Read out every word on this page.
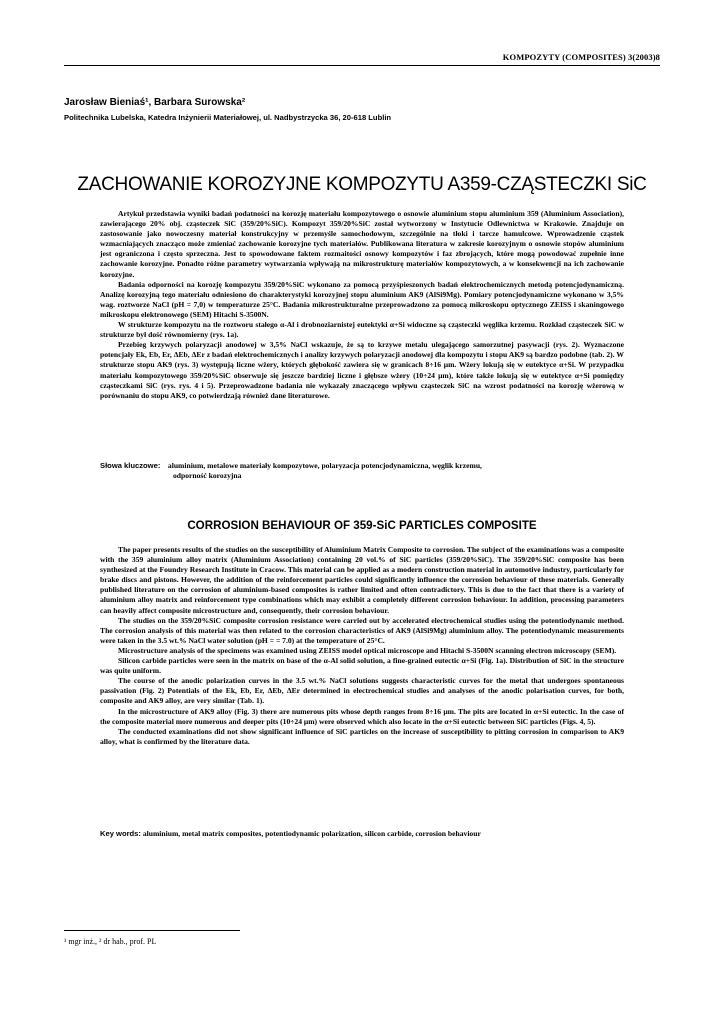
KOMPOZYTY (COMPOSITES) 3(2003)8
Jarosław Bieniaś¹, Barbara Surowska²
Politechnika Lubelska, Katedra Inżynierii Materiałowej, ul. Nadbystrzycka 36, 20-618 Lublin
ZACHOWANIE KOROZYJNE KOMPOZYTU A359-CZĄSTECZKI SiC

Artykuł przedstawia wyniki badań podatności na korozję materiału kompozytowego o osnowie aluminium stopu aluminium 359 (Aluminium Association), zawierającego 20% obj. cząsteczek SiC (359/20%SiC). Kompozyt 359/20%SiC został wytworzony w Instytucie Odlewnictwa w Krakowie. Znajduje on zastosowanie jako nowoczesny materiał konstrukcyjny w przemyśle samochodowym, szczególnie na tłoki i tarcze hamulcowe. Wprowadzenie cząstek wzmacniających znacząco może zmieniać zachowanie korozyjne tych materiałów. Publikowana literatura w zakresie korozyjnym o osnowie stopów aluminium jest ograniczona i często sprzeczna. Jest to spowodowane faktem rozmaitości osnowy kompozytów i faz zbrojących, które mogą powodować zupełnie inne zachowanie korozyjne. Ponadto różne parametry wytwarzania wpływają na mikrostrukturę materiałów kompozytowych, a w konsekwencji na ich zachowanie korozyjne.

Badania odporności na korozję kompozytu 359/20%SiC wykonano za pomocą przyśpieszonych badań elektrochemicznych metodą potencjodynamiczną. Analizę korozyjną tego materiału odniesiono do charakterystyki korozyjnej stopu aluminium AK9 (AlSi9Mg). Pomiary potencjodynamiczne wykonano w 3,5% wag. roztworze NaCl (pH = 7,0) w temperaturze 25°C. Badania mikrostrukturalne przeprowadzono za pomocą mikroskopu optycznego ZEISS i skaningowego mikroskopu elektronowego (SEM) Hitachi S-3500N.

W strukturze kompozytu na tle roztworu stałego α-Al i drobnoziarnistej eutektyki α+Si widoczne są cząsteczki węglika krzemu. Rozkład cząsteczek SiC w strukturze był dość równomierny (rys. 1a).

Przebieg krzywych polaryzacji anodowej w 3,5% NaCl wskazuje, że są to krzywe metalu ulegającego samorzutnej pasywacji (rys. 2). Wyznaczone potencjały Ek, Eb, Er, ΔEb, ΔEr z badań elektrochemicznych i analizy krzywych polaryzacji anodowej dla kompozytu i stopu AK9 są bardzo podobne (tab. 2). W strukturze stopu AK9 (rys. 3) występują liczne wżery, których głębokość zawiera się w granicach 8÷16 μm. Wżery lokują się w eutektyce α+Si. W przypadku materiału kompozytowego 359/20%SiC obserwuje się jeszcze bardziej liczne i głębsze wżery (10÷24 μm), które także lokują się w eutektyce α+Si pomiędzy cząsteczkami SiC (rys. rys. 4 i 5). Przeprowadzone badania nie wykazały znaczącego wpływu cząsteczek SiC na wzrost podatności na korozję wżerową w porównaniu do stopu AK9, co potwierdzają również dane literaturowe.

Słowa kluczowe: aluminium, metalowe materiały kompozytowe, polaryzacja potencjodynamiczna, węglik krzemu,
odporność korozyjna
CORROSION BEHAVIOUR OF 359-SiC PARTICLES COMPOSITE

The paper presents results of the studies on the susceptibility of Aluminium Matrix Composite to corrosion. The subject of the examinations was a composite with the 359 aluminium alloy matrix (Aluminium Association) containing 20 vol.% of SiC particles (359/20%SiC). The 359/20%SiC composite has been synthesized at the Foundry Research Institute in Cracow. This material can be applied as a modern construction material in automotive industry, particularly for brake discs and pistons. However, the addition of the reinforcement particles could significantly influence the corrosion behaviour of these materials. Generally published literature on the corrosion of aluminium-based composites is rather limited and often contradictory. This is due to the fact that there is a variety of aluminium alloy matrix and reinforcement type combinations which may exhibit a completely different corrosion behaviour. In addition, processing parameters can heavily affect composite microstructure and, consequently, their corrosion behaviour.

The studies on the 359/20%SiC composite corrosion resistance were carried out by accelerated electrochemical studies using the potentiodynamic method. The corrosion analysis of this material was then related to the corrosion characteristics of AK9 (AlSi9Mg) aluminium alloy. The potentiodynamic measurements were taken in the 3.5 wt.% NaCl water solution (pH = = 7.0) at the temperature of 25°C.

Microstructure analysis of the specimens was examined using ZEISS model optical microscope and Hitachi S-3500N scanning electron microscopy (SEM).

Silicon carbide particles were seen in the matrix on base of the α-Al solid solution, a fine-grained eutectic α+Si (Fig. 1a). Distribution of SiC in the structure was quite uniform.

The course of the anodic polarization curves in the 3.5 wt.% NaCl solutions suggests characteristic curves for the metal that undergoes spontaneous passivation (Fig. 2) Potentials of the Ek, Eb, Er, ΔEb, ΔEr determined in electrochemical studies and analyses of the anodic polarisation curves, for both, composite and AK9 alloy, are very similar (Tab. 1).

In the microstructure of AK9 alloy (Fig. 3) there are numerous pits whose depth ranges from 8÷16 μm. The pits are located in α+Si eutectic. In the case of the composite material more numerous and deeper pits (10÷24 μm) were observed which also locate in the α+Si eutectic between SiC particles (Figs. 4, 5).

The conducted examinations did not show significant influence of SiC particles on the increase of susceptibility to pitting corrosion in comparison to AK9 alloy, what is confirmed by the literature data.

Key words: aluminium, metal matrix composites, potentiodynamic polarization, silicon carbide, corrosion behaviour
¹ mgr inż., ² dr hab., prof. PL
